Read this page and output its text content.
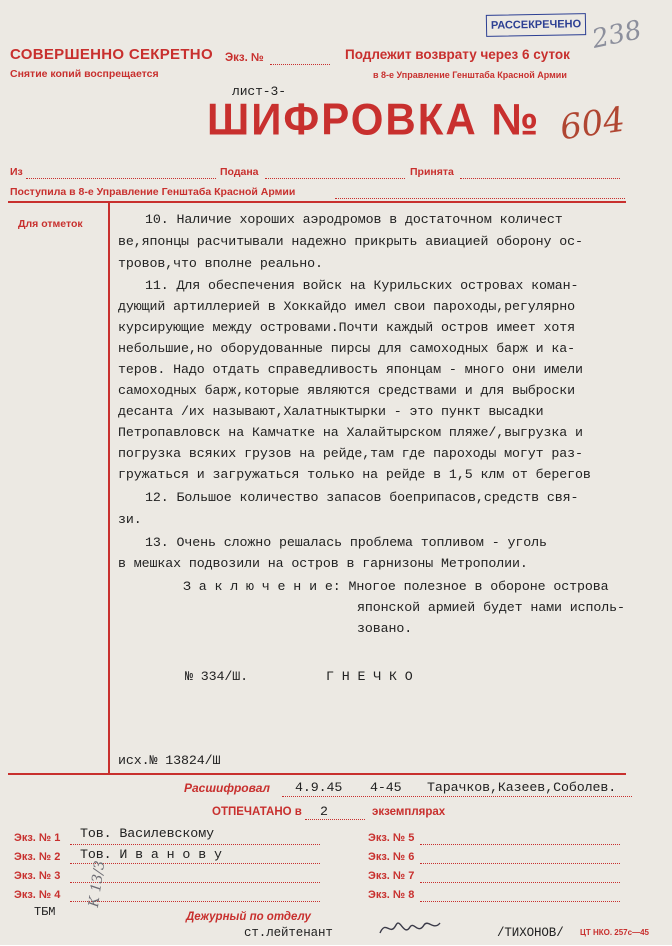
СОВЕРШЕННО СЕКРЕТНО
Снятие копий воспрещается
Экз. №	Подлежит возврату через 6 суток
в 8-е Управление Генштаба Красной Армии
РАССЕКРЕЧЕНО 238
лист-3-
ШИФРОВКА № 604
Из	Подана	Принята
Поступила в 8-е Управление Генштаба Красной Армии
Для отметок	10. Наличие хороших аэродромов в достаточном количест
ве,японцы расчитывали надежно прикрыть авиацией оборону ос-
тровов,что вполне реально.
11. Для обеспечения войск на Курильских островах коман-
дующий артиллерией в Хоккайдо имел свои пароходы,регулярно
курсирующие между островами.Почти каждый остров имеет хотя
небольшие,но оборудованные пирсы для самоходных барж и ка-
теров. Надо отдать справедливость японцам - много они имели
самоходных барж,которые являются средствами и для выброски
десанта /их называют,Халатныктырки - это пункт высадки
Петропавловск на Камчатке на Халайтырском пляже/,выгрузка и
погрузка всяких грузов на рейде,там где пароходы могут раз-
гружаться и загружаться только на рейде в 1,5 клм от берегов
12. Большое количество запасов боеприпасов,средств свя-
зи.
13. Очень сложно решалась проблема топливом - уголь
в мешках подвозили на остров в гарнизоны Метрополии.
З а к л ю ч е н и е: Многое полезное в обороне острова
японской армией будет нами исполь-
зовано.
№ 334/Ш.	Г Н Е Ч К О
исх.№ 13824/Ш
Расшифровал 4.9.45 4-45 Тарачков,Казеев,Соболев.
ОТПЕЧАТАНО в 2	экземплярах
Экз. № 1 Тов. Василевскому
Экз. № 2 Тов. И в а н о в у
Экз. № 3
Экз. № 4
Экз. № 5
Экз. № 6
Экз. № 7
Экз. № 8
ТБМ
К 13/3
Дежурный по отделу
ст.лейтенант	/ТИХОНОВ/ ЦТ НКО. 257с—45
